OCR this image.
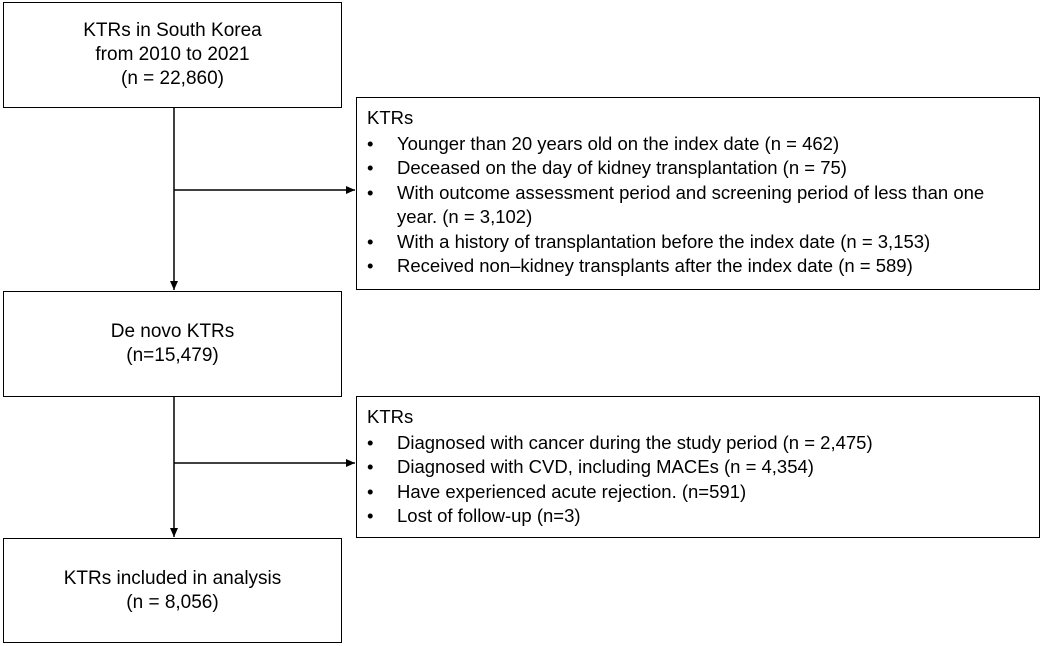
KTRs in South Korea
from 2010 to 2021
(n = 22,860)
KTRs
• Younger than 20 years old on the index date (n = 462)
• Deceased on the day of kidney transplantation (n = 75)
• With outcome assessment period and screening period of less than one year. (n = 3,102)
• With a history of transplantation before the index date (n = 3,153)
• Received non–kidney transplants after the index date (n = 589)
De novo KTRs
(n=15,479)
KTRs
• Diagnosed with cancer during the study period (n = 2,475)
• Diagnosed with CVD, including MACEs (n = 4,354)
• Have experienced acute rejection. (n=591)
• Lost of follow-up (n=3)
KTRs included in analysis
(n = 8,056)
